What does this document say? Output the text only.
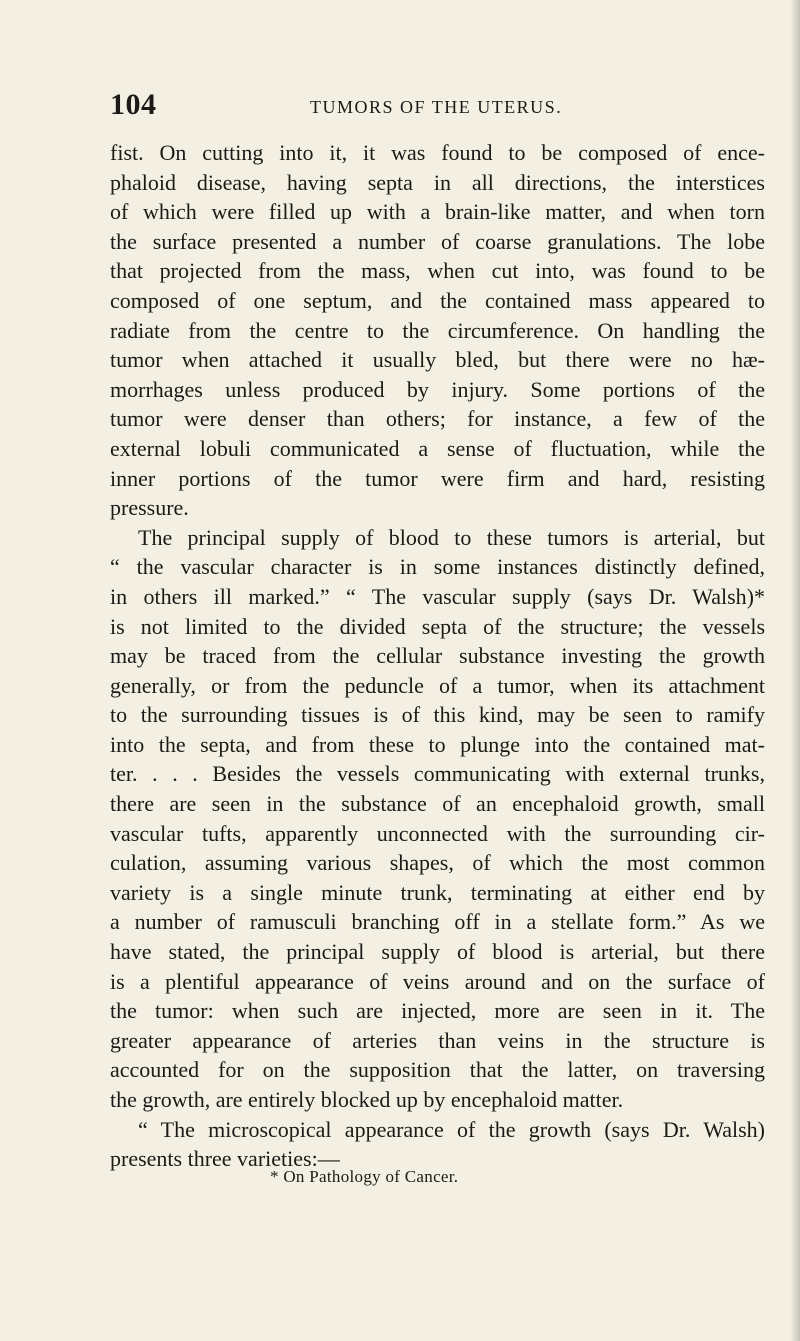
104	TUMORS OF THE UTERUS.
fist. On cutting into it, it was found to be composed of ence-
phaloid disease, having septa in all directions, the interstices
of which were filled up with a brain-like matter, and when torn
the surface presented a number of coarse granulations. The lobe
that projected from the mass, when cut into, was found to be
composed of one septum, and the contained mass appeared to
radiate from the centre to the circumference. On handling the
tumor when attached it usually bled, but there were no hæ-
morrhages unless produced by injury. Some portions of the
tumor were denser than others; for instance, a few of the
external lobuli communicated a sense of fluctuation, while the
inner portions of the tumor were firm and hard, resisting
pressure.
The principal supply of blood to these tumors is arterial, but
“ the vascular character is in some instances distinctly defined,
in others ill marked.” “ The vascular supply (says Dr. Walsh)*
is not limited to the divided septa of the structure; the vessels
may be traced from the cellular substance investing the growth
generally, or from the peduncle of a tumor, when its attachment
to the surrounding tissues is of this kind, may be seen to ramify
into the septa, and from these to plunge into the contained mat-
ter. . . . Besides the vessels communicating with external trunks,
there are seen in the substance of an encephaloid growth, small
vascular tufts, apparently unconnected with the surrounding cir-
culation, assuming various shapes, of which the most common
variety is a single minute trunk, terminating at either end by
a number of ramusculi branching off in a stellate form.” As we
have stated, the principal supply of blood is arterial, but there
is a plentiful appearance of veins around and on the surface of
the tumor: when such are injected, more are seen in it. The
greater appearance of arteries than veins in the structure is
accounted for on the supposition that the latter, on traversing
the growth, are entirely blocked up by encephaloid matter.
“ The microscopical appearance of the growth (says Dr. Walsh)
presents three varieties:—
* On Pathology of Cancer.
